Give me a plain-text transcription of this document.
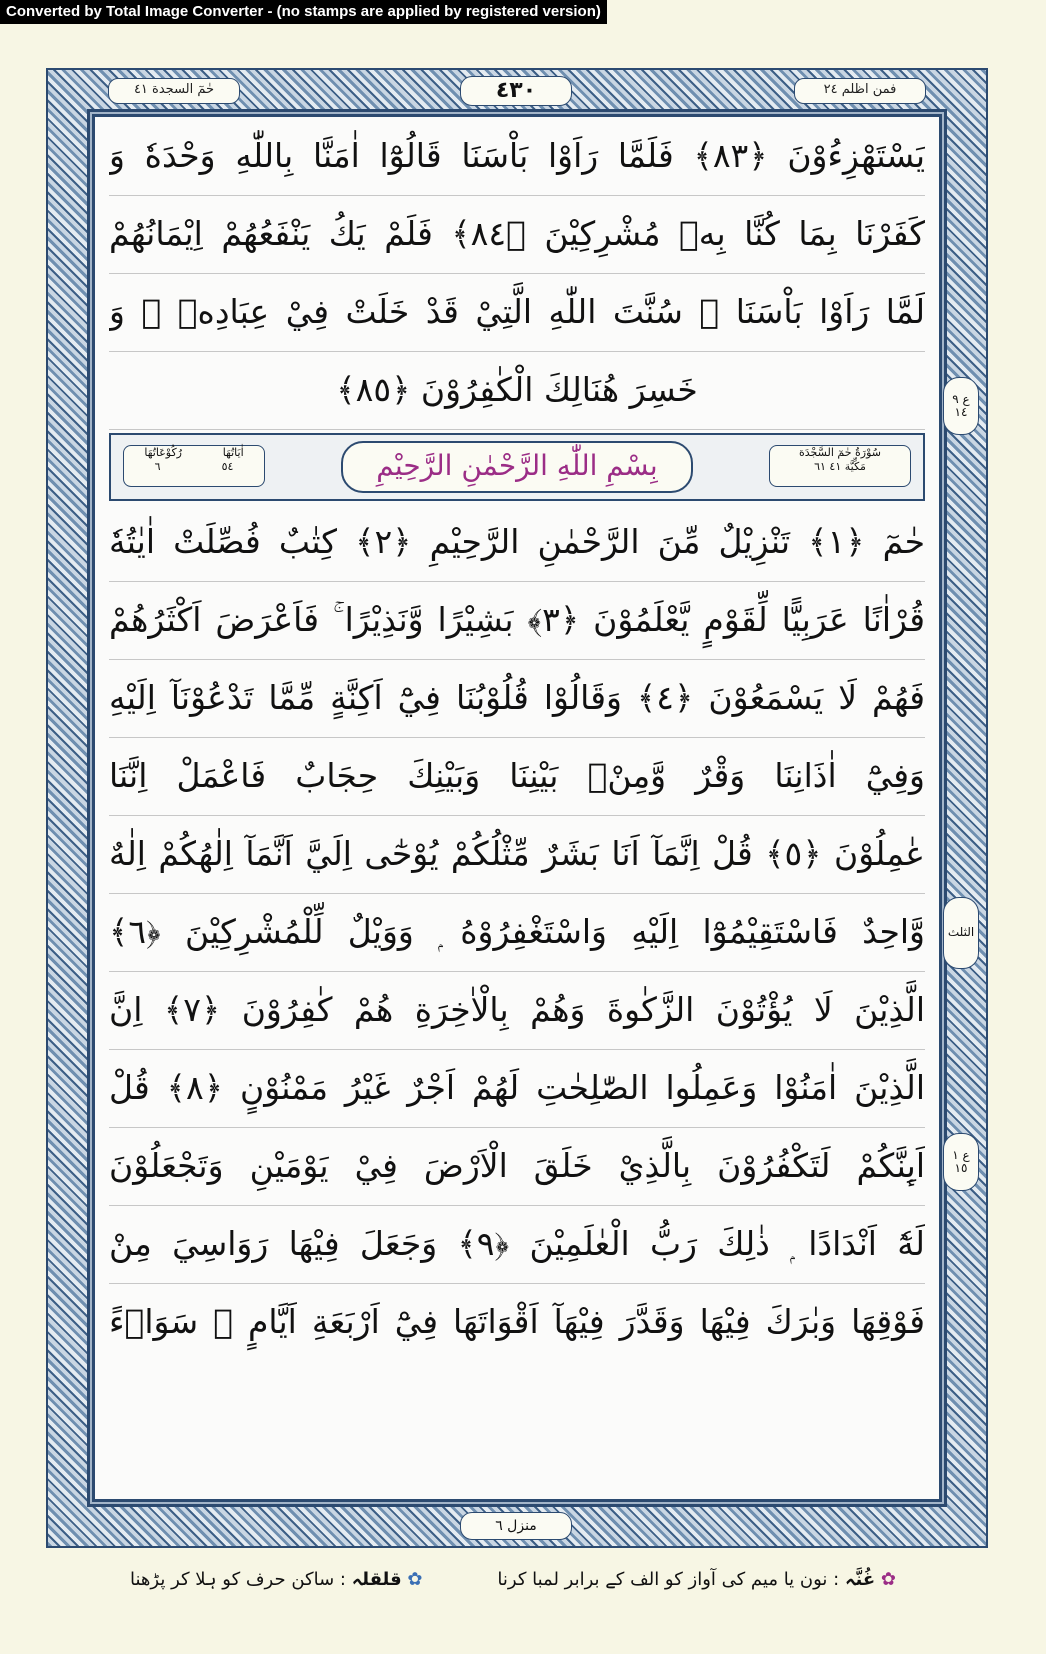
Converted by Total Image Converter - (no stamps are applied by registered version)
حٰمٓ السجدة ٤١	٤٣٠	فمن اظلم ٢٤
ع ٩ ١٤
الثلث
ع ١ ١٥
يَسْتَهْزِءُوْنَ ﴿٨٣﴾ فَلَمَّا رَاَوْا بَاْسَنَا قَالُوْٓا اٰمَنَّا بِاللّٰهِ وَحْدَهٗ وَ
كَفَرْنَا بِمَا كُنَّا بِهٖ مُشْرِكِيْنَ ﴿٨٤﴾ فَلَمْ يَكُ يَنْفَعُهُمْ اِيْمَانُهُمْ
لَمَّا رَاَوْا بَاْسَنَا ۭ سُنَّتَ اللّٰهِ الَّتِيْ قَدْ خَلَتْ فِيْ عِبَادِهٖ ۚ وَ
خَسِرَ هُنَالِكَ الْكٰفِرُوْنَ ﴿٨٥﴾
سُوْرَةُ حٰمٓ السَّجْدَة
مَكِّيَّة ٤١ ٦١
بِسْمِ اللّٰهِ الرَّحْمٰنِ الرَّحِيْمِ
اٰيَاتُهَا
رُكُوْعَاتُهَا
٥٤
٦
حٰمٓ ﴿١﴾ تَنْزِيْلٌ مِّنَ الرَّحْمٰنِ الرَّحِيْمِ ﴿٢﴾ كِتٰبٌ فُصِّلَتْ اٰيٰتُهٗ
قُرْاٰنًا عَرَبِيًّا لِّقَوْمٍ يَّعْلَمُوْنَ ﴿٣﴾ بَشِيْرًا وَّنَذِيْرًا ۚ فَاَعْرَضَ اَكْثَرُهُمْ
فَهُمْ لَا يَسْمَعُوْنَ ﴿٤﴾ وَقَالُوْا قُلُوْبُنَا فِيْٓ اَكِنَّةٍ مِّمَّا تَدْعُوْنَآ اِلَيْهِ
وَفِيْٓ اٰذَانِنَا وَقْرٌ وَّمِنْۢ بَيْنِنَا وَبَيْنِكَ حِجَابٌ فَاعْمَلْ اِنَّنَا
عٰمِلُوْنَ ﴿٥﴾ قُلْ اِنَّمَآ اَنَا بَشَرٌ مِّثْلُكُمْ يُوْحٰٓى اِلَيَّ اَنَّمَآ اِلٰهُكُمْ اِلٰهٌ
وَّاحِدٌ فَاسْتَقِيْمُوْٓا اِلَيْهِ وَاسْتَغْفِرُوْهُ ۭ وَوَيْلٌ لِّلْمُشْرِكِيْنَ ﴿٦﴾
الَّذِيْنَ لَا يُؤْتُوْنَ الزَّكٰوةَ وَهُمْ بِالْاٰخِرَةِ هُمْ كٰفِرُوْنَ ﴿٧﴾ اِنَّ
الَّذِيْنَ اٰمَنُوْا وَعَمِلُوا الصّٰلِحٰتِ لَهُمْ اَجْرٌ غَيْرُ مَمْنُوْنٍ ﴿٨﴾ قُلْ
اَىِٕنَّكُمْ لَتَكْفُرُوْنَ بِالَّذِيْ خَلَقَ الْاَرْضَ فِيْ يَوْمَيْنِ وَتَجْعَلُوْنَ
لَهٗٓ اَنْدَادًا ۭ ذٰلِكَ رَبُّ الْعٰلَمِيْنَ ﴿٩﴾ وَجَعَلَ فِيْهَا رَوَاسِيَ مِنْ
فَوْقِهَا وَبٰرَكَ فِيْهَا وَقَدَّرَ فِيْهَآ اَقْوَاتَهَا فِيْٓ اَرْبَعَةِ اَيَّامٍ ۭ سَوَاۗءً
منزل ٦
✿ غُنَّہ : نون یا میم کی آواز کو الف کے برابر لمبا کرنا
✿ قلقلہ : ساکن حرف کو ہلا کر پڑھنا
